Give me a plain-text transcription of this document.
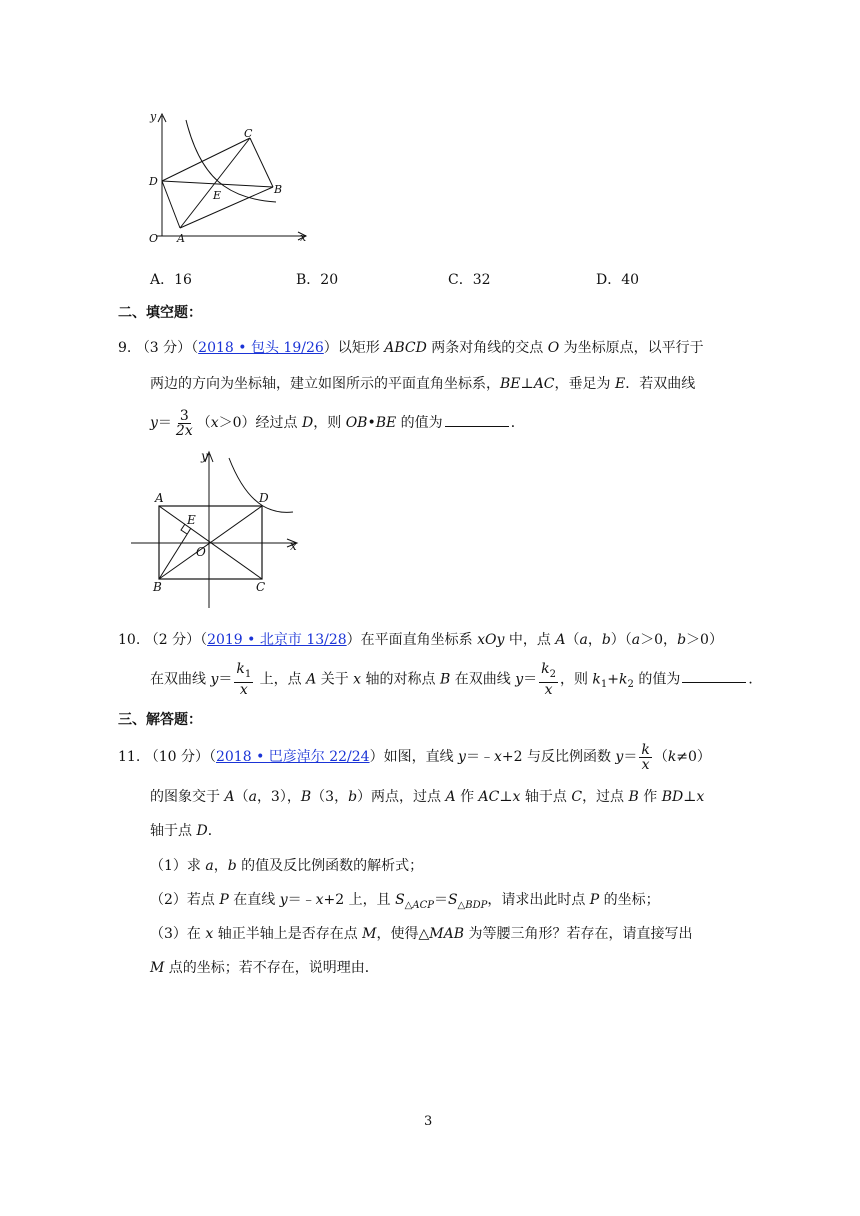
y
x
O A
B
C
D
E
A．16	B．20	C．32	D．40
二、填空题：
9. （3 分）（2018 • 包头 19/26）以矩形 ABCD 两条对角线的交点 O 为坐标原点，以平行于
两边的方向为坐标轴，建立如图所示的平面直角坐标系，BE⊥AC，垂足为 E．若双曲线
$y= \frac{3}{2x} (x>0)$经过点 D，则 OB•BE 的值为	．
y
x
O
A
B	C
D
E
10. （2 分）（2019 • 北京市 13/28）在平面直角坐标系 xOy 中，点 A（a，b）（a＞0，b＞0）
在双曲线 $y= \frac{k_1}{x}$ 上，点 A 关于 x 轴的对称点 B 在双曲线 $y= \frac{k_2}{x}$ ，则 $k_1+k_2$ 的值为	．
三、解答题：
11. （10 分）（2018 • 巴彦淖尔 22/24）如图，直线 y＝﹣x+2 与反比例函数 $y= \frac{k}{x} (k\ne 0)$
的图象交于 A（a，3），B（3，b）两点，过点 A 作 AC⊥x 轴于点 C，过点 B 作 BD⊥x
轴于点 D．
（1）求 a，b 的值及反比例函数的解析式；
（2）若点 P 在直线 y＝﹣x+2 上，且 $S_{\triangle ACP}=S_{\triangle BDP}$，请求出此时点 P 的坐标；
（3）在 x 轴正半轴上是否存在点 M，使得△MAB 为等腰三角形？若存在，请直接写出
M 点的坐标；若不存在，说明理由．
3
